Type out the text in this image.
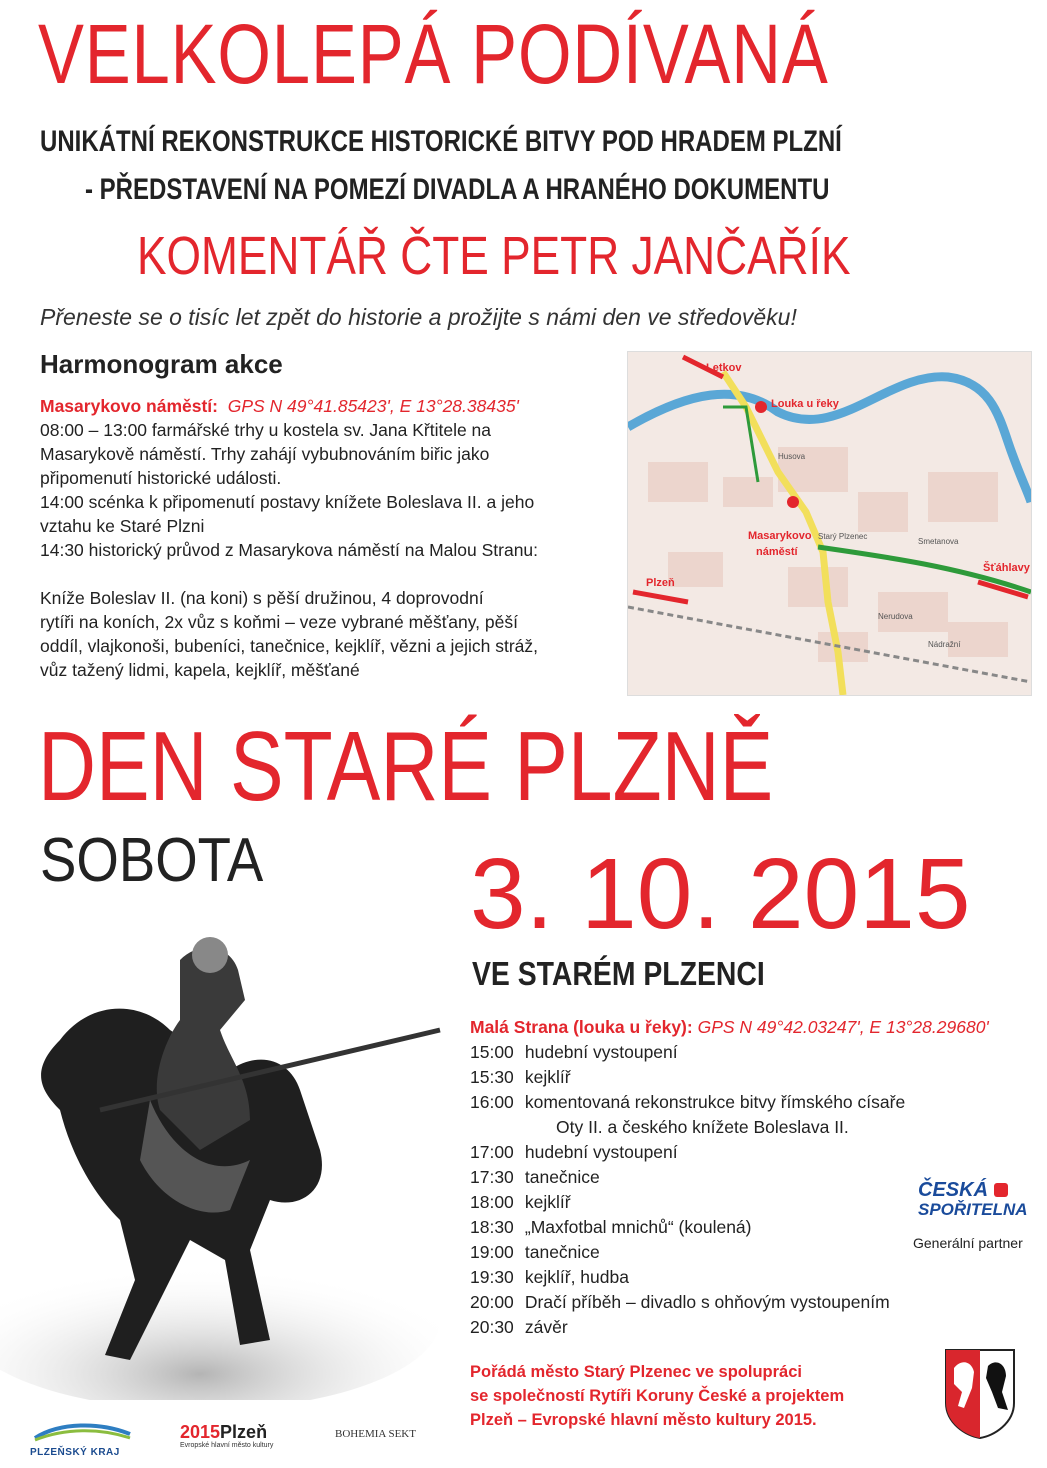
VELKOLEPÁ PODÍVANÁ
UNIKÁTNÍ REKONSTRUKCE HISTORICKÉ BITVY POD HRADEM PLZNÍ
- PŘEDSTAVENÍ NA POMEZÍ DIVADLA A HRANÉHO DOKUMENTU
KOMENTÁŘ ČTE PETR JANČAŘÍK
Přeneste se o tisíc let zpět do historie a prožijte s námi den ve středověku!
Harmonogram akce

Masarykovo náměstí: GPS N 49°41.85423', E 13°28.38435'

08:00 – 13:00 farmářské trhy u kostela sv. Jana Křtitele na

Masarykově náměstí. Trhy zahájí vybubnováním biřic jako

připomenutí historické události.

14:00 scénka k připomenutí postavy knížete Boleslava II. a jeho

vztahu ke Staré Plzni

14:30 historický průvod z Masarykova náměstí na Malou Stranu:

Kníže Boleslav II. (na koni) s pěší družinou, 4 doprovodní

rytíři na koních, 2x vůz s koňmi – veze vybrané měšťany, pěší

oddíl, vlajkonoši, bubeníci, tanečnice, kejklíř, vězni a jejich stráž,

vůz tažený lidmi, kapela, kejklíř, měšťané

Letkov
Louka u řeky
Masarykovo
náměstí
Plzeň
Šťáhlavy
Starý Plzenec
Smetanova
Nádražní
Nerudova
Husova
DEN STARÉ PLZNĚ
SOBOTA 3. 10. 2015
VE STARÉM PLZENCI
Malá Strana (louka u řeky): GPS N 49°42.03247', E 13°28.29680'
15:00
hudební vystoupení
15:30
kejklíř
16:00
komentovaná rekonstrukce bitvy římského císaře
Oty II. a českého knížete Boleslava II.
17:00
hudební vystoupení
17:30
tanečnice
18:00
kejklíř
18:30
„Maxfotbal mnichů“ (koulená)
19:00
tanečnice
19:30
kejklíř, hudba
20:00
Dračí příběh – divadlo s ohňovým vystoupením
20:30
závěr
ČESKÁ
SPOŘITELNA
Generální partner
Pořádá město Starý Plzenec ve spolupráci
se společností Rytíři Koruny České a projektem
Plzeň – Evropské hlavní město kultury 2015.
PLZEŇSKÝ KRAJ
2015Plzeň
Evropské hlavní město kultury
BOHEMIA SEKT
